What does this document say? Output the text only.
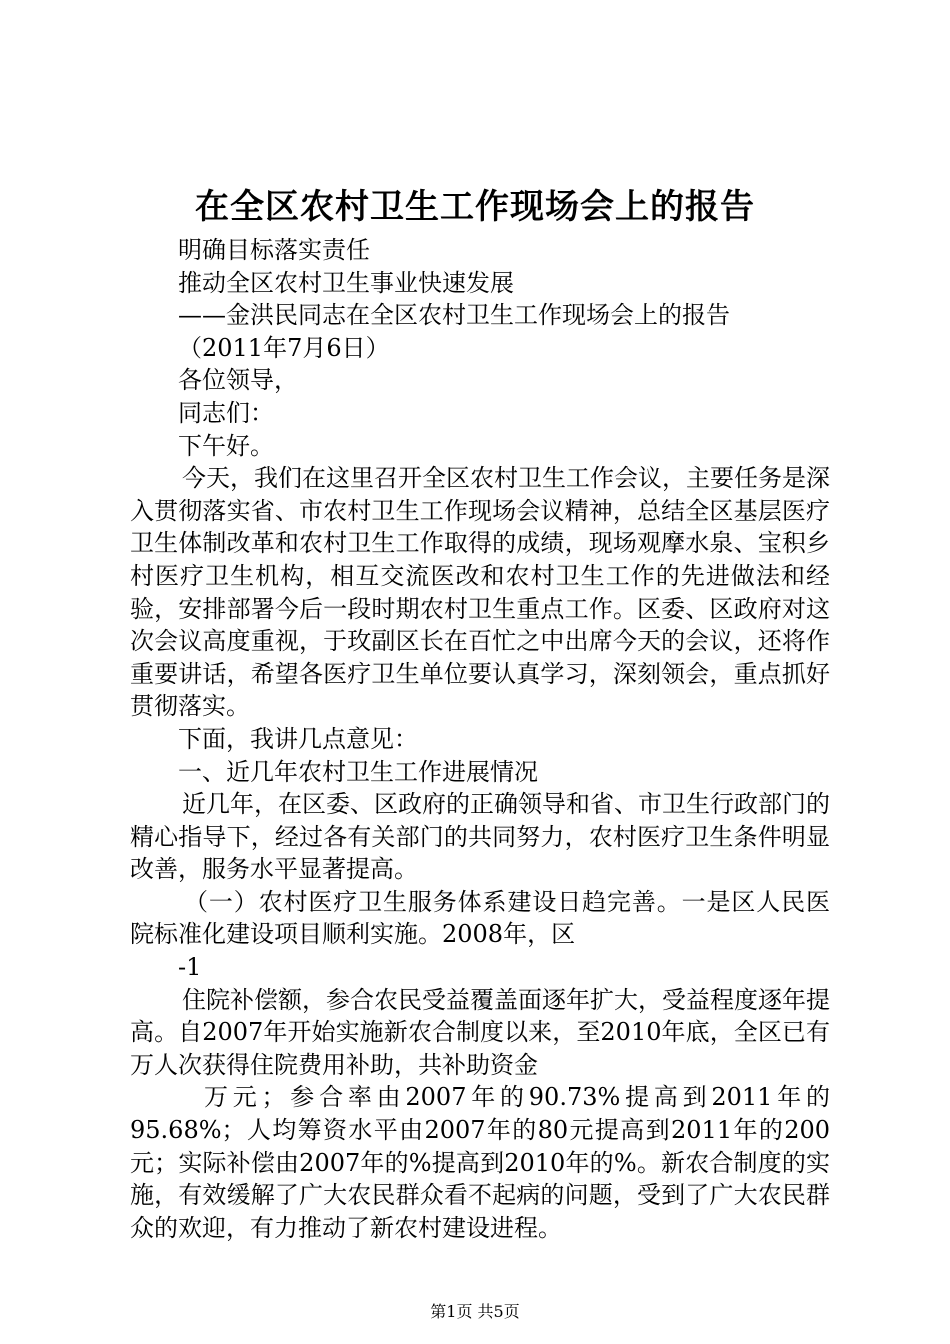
在全区农村卫生工作现场会上的报告
明确目标落实责任
推动全区农村卫生事业快速发展
——金洪民同志在全区农村卫生工作现场会上的报告
（2011年7月6日）
各位领导，
同志们：
下午好。

今天，我们在这里召开全区农村卫生工作会议，主要任务是深入贯彻落实省、市农村卫生工作现场会议精神，总结全区基层医疗卫生体制改革和农村卫生工作取得的成绩，现场观摩水泉、宝积乡村医疗卫生机构，相互交流医改和农村卫生工作的先进做法和经验，安排部署今后一段时期农村卫生重点工作。区委、区政府对这次会议高度重视，于玫副区长在百忙之中出席今天的会议，还将作重要讲话，希望各医疗卫生单位要认真学习，深刻领会，重点抓好贯彻落实。

下面，我讲几点意见：
一、近几年农村卫生工作进展情况

近几年，在区委、区政府的正确领导和省、市卫生行政部门的精心指导下，经过各有关部门的共同努力，农村医疗卫生条件明显改善，服务水平显著提高。

（一）农村医疗卫生服务体系建设日趋完善。一是区人民医院标准化建设项目顺利实施。2008年，区

-1

住院补偿额，参合农民受益覆盖面逐年扩大，受益程度逐年提高。自2007年开始实施新农合制度以来，至2010年底，全区已有万人次获得住院费用补助，共补助资金

万元；参合率由2007年的90.73%提高到2011年的95.68%；人均筹资水平由2007年的80元提高到2011年的200元；实际补偿由2007年的%提高到2010年的%。新农合制度的实施，有效缓解了广大农民群众看不起病的问题，受到了广大农民群众的欢迎，有力推动了新农村建设进程。

第1页 共5页
